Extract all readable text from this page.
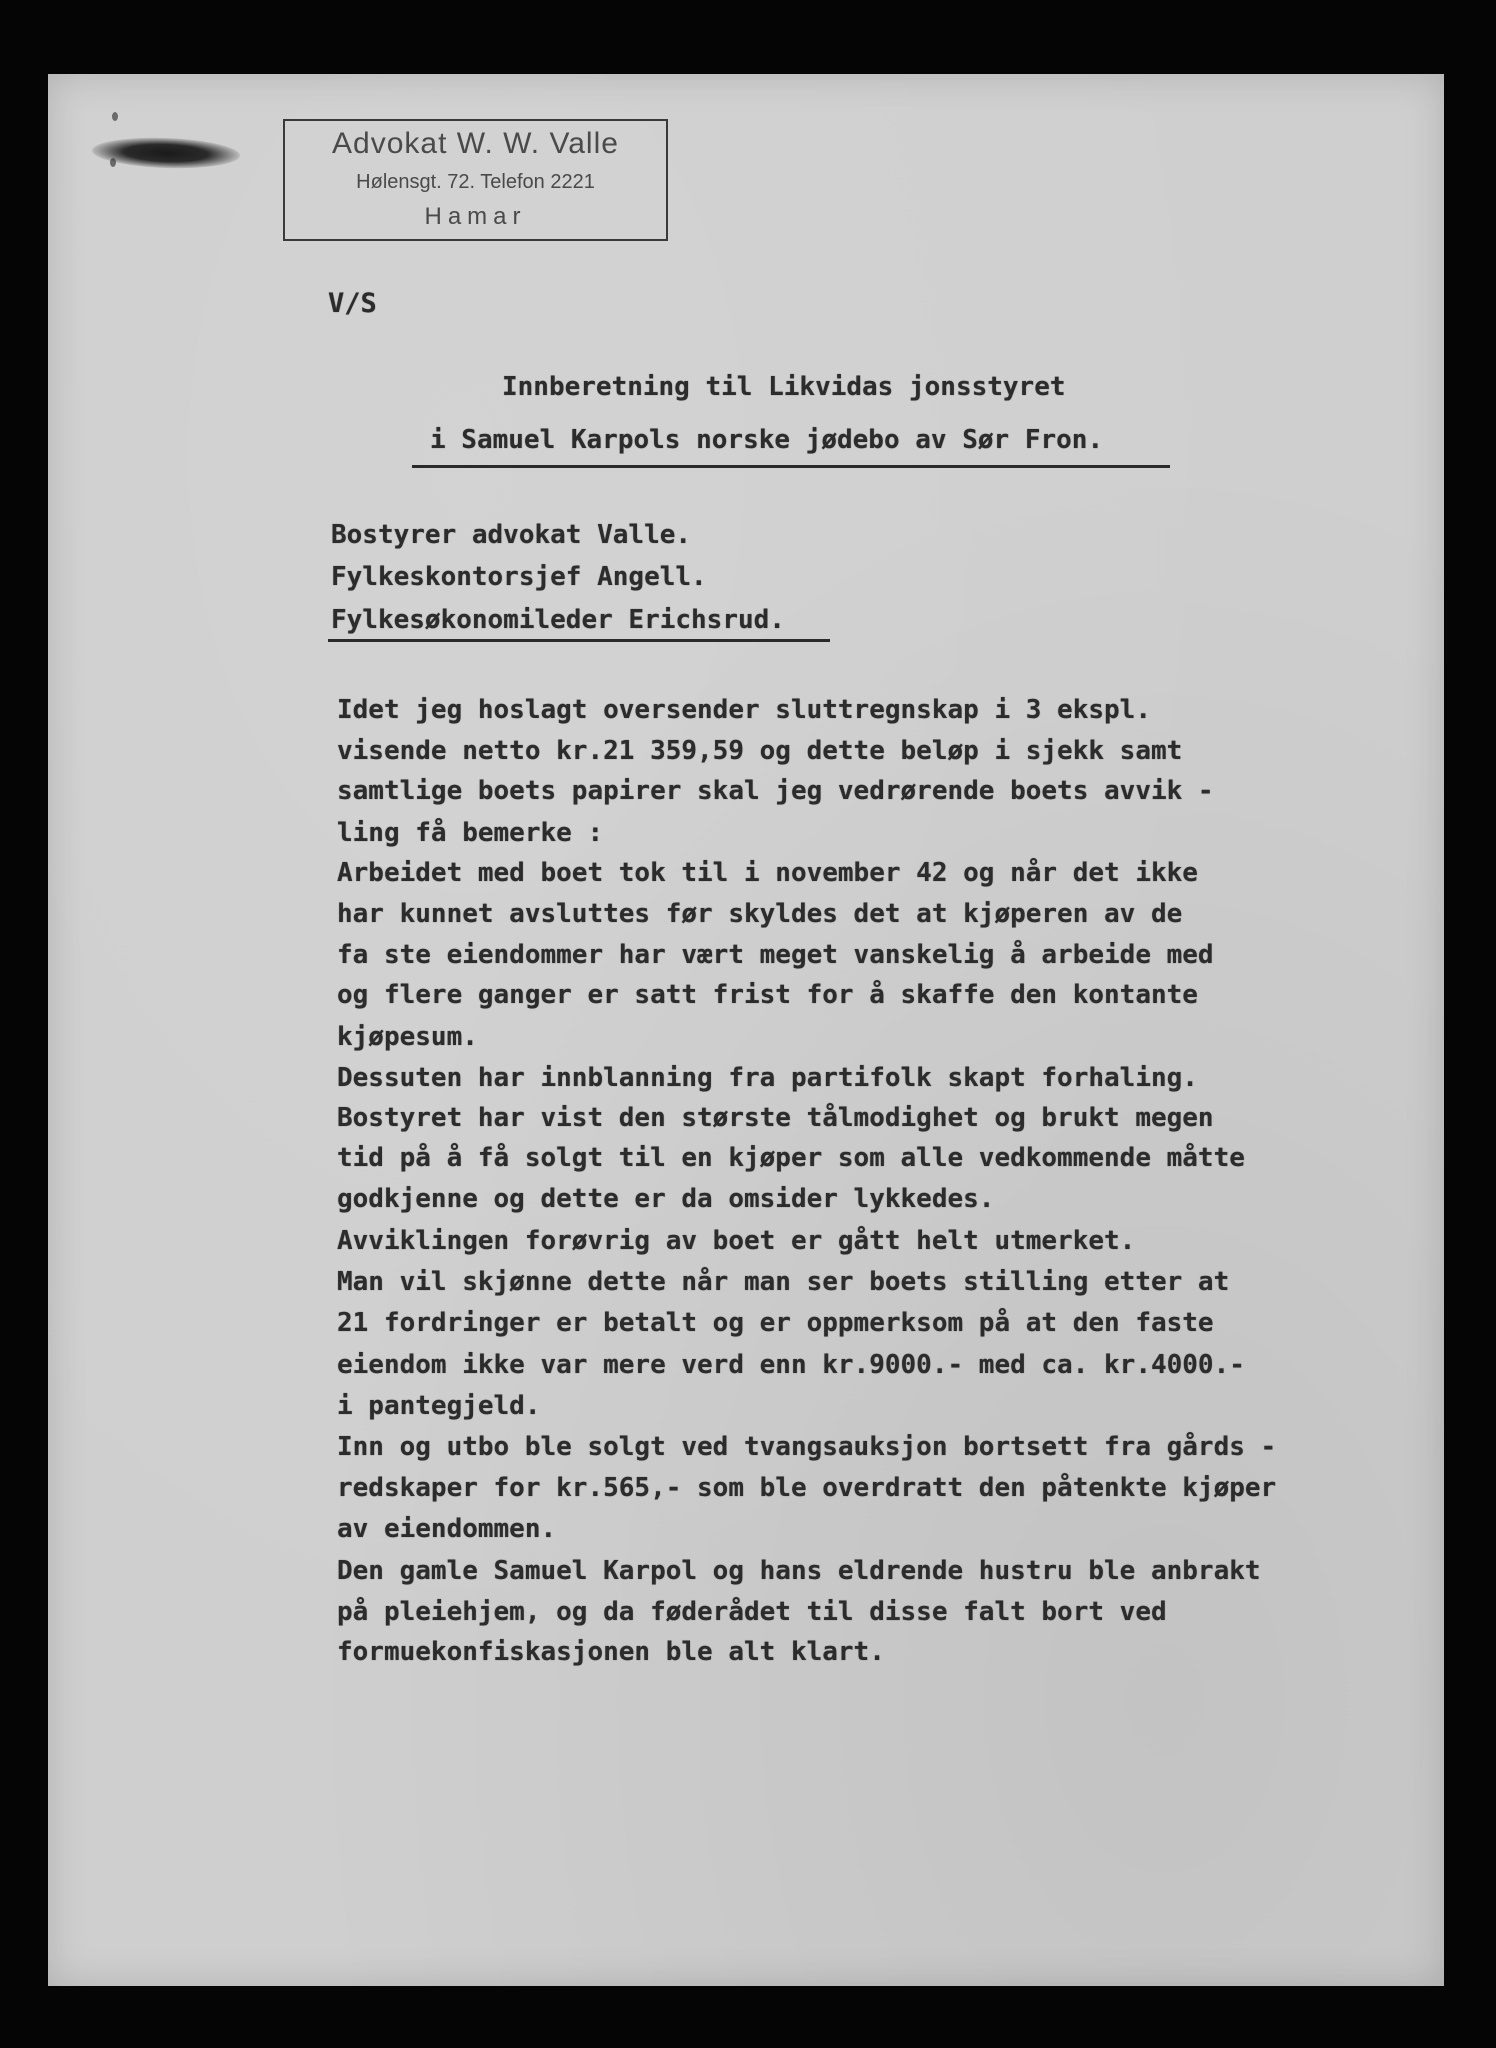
Advokat W. W. Valle
Hølensgt. 72. Telefon 2221
Hamar
V/S
Innberetning til Likvidas jonsstyret
i Samuel Karpols norske jødebo av Sør Fron.
Bostyrer advokat Valle.
Fylkeskontorsjef Angell.
Fylkesøkonomileder Erichsrud.
Idet jeg hoslagt oversender sluttregnskap i 3 ekspl.
visende netto kr.21 359,59 og dette beløp i sjekk samt
samtlige boets papirer skal jeg vedrørende boets avvik -
ling få bemerke :
Arbeidet med boet tok til i november 42 og når det ikke
har kunnet avsluttes før skyldes det at kjøperen av de
fa ste eiendommer har vært meget vanskelig å arbeide med
og flere ganger er satt frist for å skaffe den kontante
kjøpesum.
Dessuten har innblanning fra partifolk skapt forhaling.
Bostyret har vist den største tålmodighet og brukt megen
tid på å få solgt til en kjøper som alle vedkommende måtte
godkjenne og dette er da omsider lykkedes.
Avviklingen forøvrig av boet er gått helt utmerket.
Man vil skjønne dette når man ser boets stilling etter at
21 fordringer er betalt og er oppmerksom på at den faste
eiendom ikke var mere verd enn kr.9000.- med ca. kr.4000.-
i pantegjeld.
Inn og utbo ble solgt ved tvangsauksjon bortsett fra gårds -
redskaper for kr.565,- som ble overdratt den påtenkte kjøper
av eiendommen.
Den gamle Samuel Karpol og hans eldrende hustru ble anbrakt
på pleiehjem, og da føderådet til disse falt bort ved
formuekonfiskasjonen ble alt klart.
